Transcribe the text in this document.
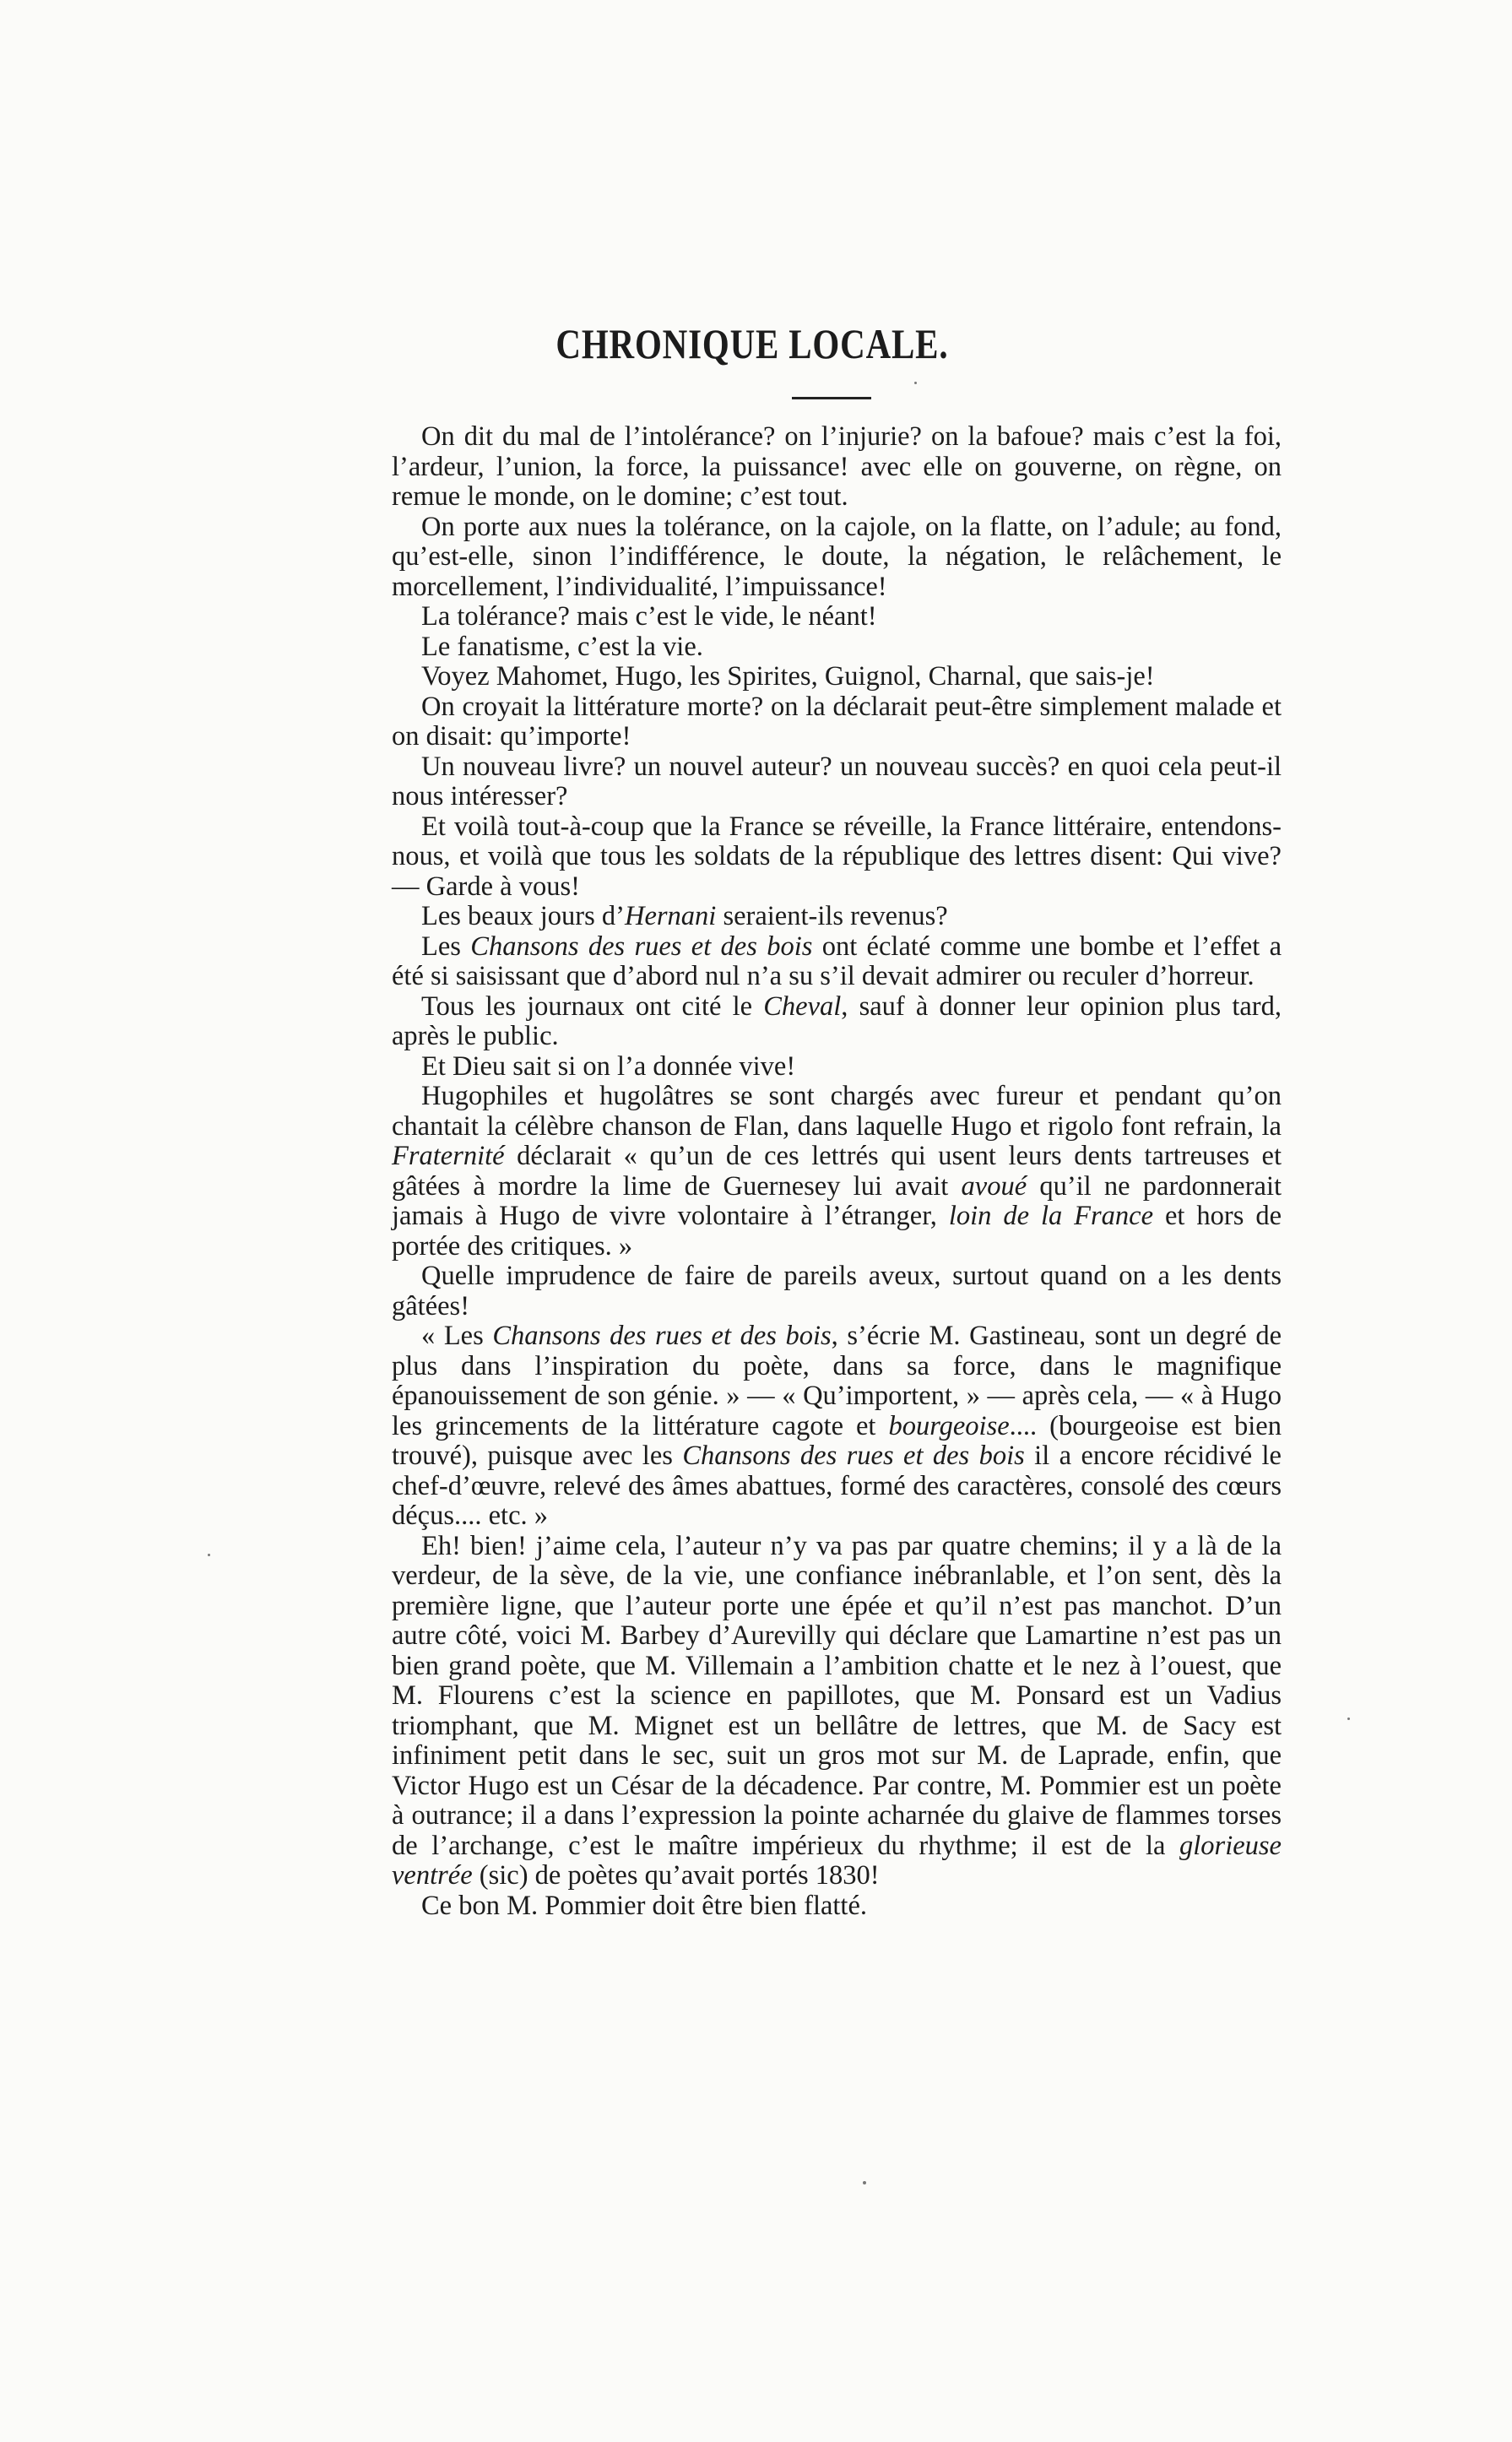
CHRONIQUE LOCALE.

On dit du mal de l’intolérance? on l’injurie? on la bafoue? mais c’est la foi, l’ardeur, l’union, la force, la puissance! avec elle on gouverne, on règne, on remue le monde, on le domine; c’est tout.

On porte aux nues la tolérance, on la cajole, on la flatte, on l’adule; au fond, qu’est-elle, sinon l’indifférence, le doute, la négation, le relâchement, le morcellement, l’individualité, l’impuissance!

La tolérance? mais c’est le vide, le néant!

Le fanatisme, c’est la vie.

Voyez Mahomet, Hugo, les Spirites, Guignol, Charnal, que sais-je!

On croyait la littérature morte? on la déclarait peut-être simplement malade et on disait: qu’importe!

Un nouveau livre? un nouvel auteur? un nouveau succès? en quoi cela peut-il nous intéresser?

Et voilà tout-à-coup que la France se réveille, la France littéraire, entendons-nous, et voilà que tous les soldats de la république des lettres disent: Qui vive? — Garde à vous!

Les beaux jours d’Hernani seraient-ils revenus?

Les Chansons des rues et des bois ont éclaté comme une bombe et l’effet a été si saisissant que d’abord nul n’a su s’il devait admirer ou reculer d’horreur.

Tous les journaux ont cité le Cheval, sauf à donner leur opinion plus tard, après le public.

Et Dieu sait si on l’a donnée vive!

Hugophiles et hugolâtres se sont chargés avec fureur et pendant qu’on chantait la célèbre chanson de Flan, dans laquelle Hugo et rigolo font refrain, la Fraternité déclarait « qu’un de ces lettrés qui usent leurs dents tartreuses et gâtées à mordre la lime de Guernesey lui avait avoué qu’il ne pardonnerait jamais à Hugo de vivre volontaire à l’étranger, loin de la France et hors de portée des critiques. »

Quelle imprudence de faire de pareils aveux, surtout quand on a les dents gâtées!

« Les Chansons des rues et des bois, s’écrie M. Gastineau, sont un degré de plus dans l’inspiration du poète, dans sa force, dans le magnifique épanouissement de son génie. » — « Qu’importent, » — après cela, — « à Hugo les grincements de la littérature cagote et bourgeoise.... (bourgeoise est bien trouvé), puisque avec les Chansons des rues et des bois il a encore récidivé le chef-d’œuvre, relevé des âmes abattues, formé des caractères, consolé des cœurs déçus.... etc. »

Eh! bien! j’aime cela, l’auteur n’y va pas par quatre chemins; il y a là de la verdeur, de la sève, de la vie, une confiance inébranlable, et l’on sent, dès la première ligne, que l’auteur porte une épée et qu’il n’est pas manchot. D’un autre côté, voici M. Barbey d’Aurevilly qui déclare que Lamartine n’est pas un bien grand poète, que M. Villemain a l’ambition chatte et le nez à l’ouest, que M. Flourens c’est la science en papillotes, que M. Ponsard est un Vadius triomphant, que M. Mignet est un bellâtre de lettres, que M. de Sacy est infiniment petit dans le sec, suit un gros mot sur M. de Laprade, enfin, que Victor Hugo est un César de la décadence. Par contre, M. Pommier est un poète à outrance; il a dans l’expression la pointe acharnée du glaive de flammes torses de l’archange, c’est le maître impérieux du rhythme; il est de la glorieuse ventrée (sic) de poètes qu’avait portés 1830!

Ce bon M. Pommier doit être bien flatté.
